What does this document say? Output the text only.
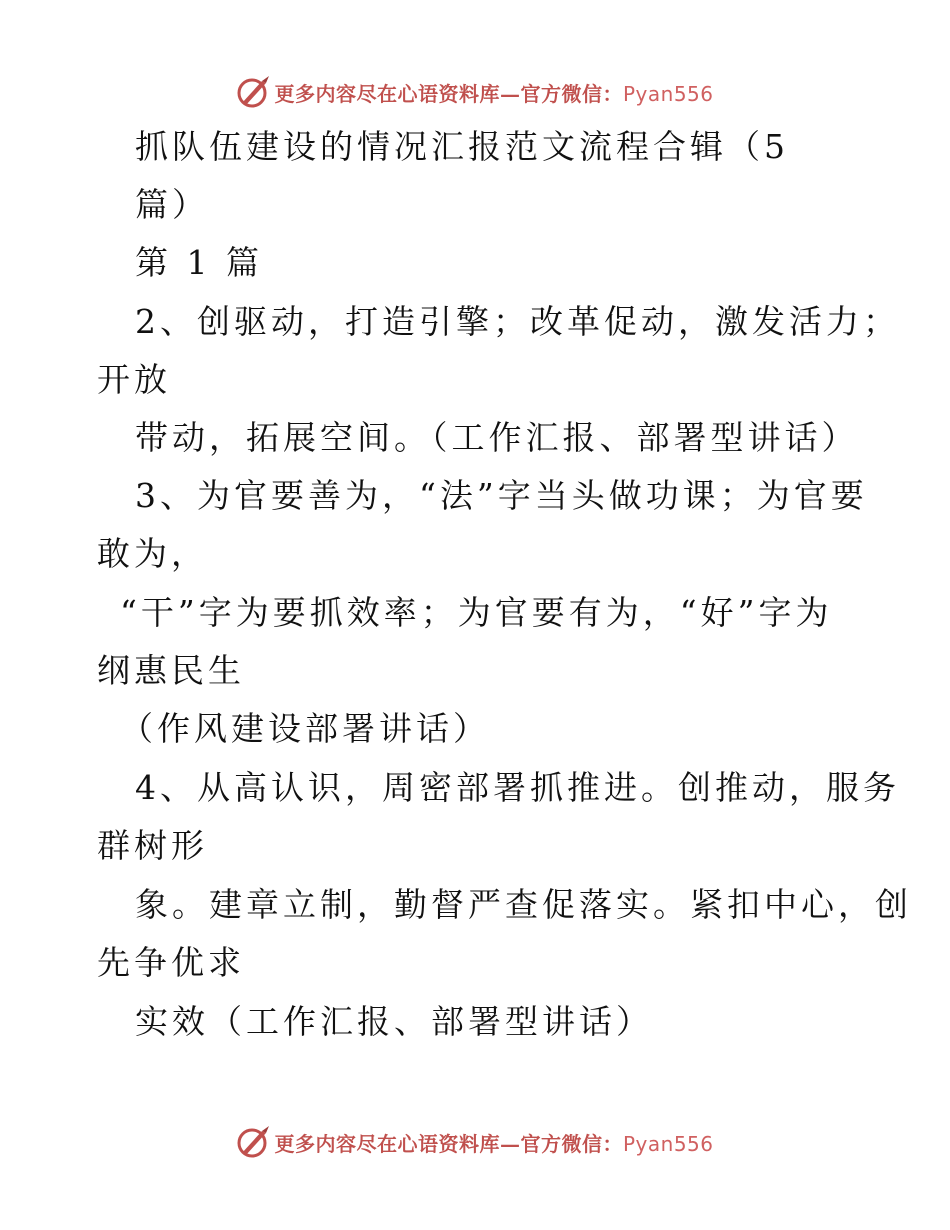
更多内容尽在心语资料库—官方微信：Pyan556
抓队伍建设的情况汇报范文流程合辑（5
篇）
第 1 篇
2、创驱动，打造引擎；改革促动，激发活力；
开放
带动，拓展空间。（工作汇报、部署型讲话）
3、为官要善为，“法”字当头做功课；为官要
敢为，
“干”字为要抓效率；为官要有为，“好”字为
纲惠民生
（作风建设部署讲话）
4、从高认识，周密部署抓推进。创推动，服务
群树形
象。建章立制，勤督严查促落实。紧扣中心，创
先争优求
实效（工作汇报、部署型讲话）
更多内容尽在心语资料库—官方微信：Pyan556
